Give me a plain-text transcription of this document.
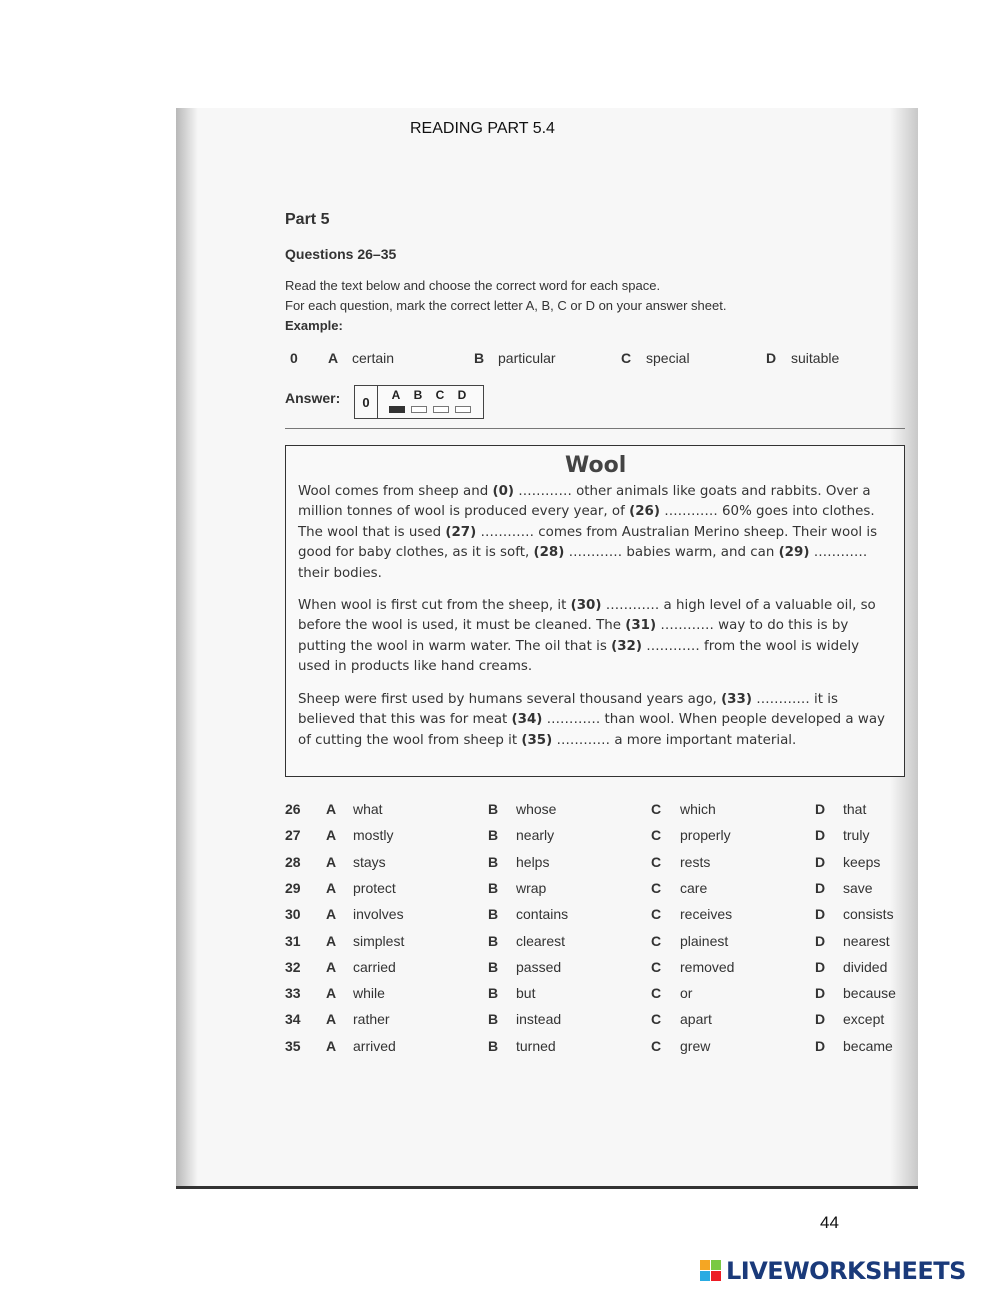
READING PART 5.4
Part 5
Questions 26–35
Read the text below and choose the correct word for each space.
For each question, mark the correct letter A, B, C or D on your answer sheet.
Example:
0 A certain	B particular	C special	D suitable
Answer:	0	A B C D
Wool

Wool comes from sheep and (0) ………… other animals like goats and rabbits. Over a million tonnes of wool is produced every year, of (26) ………… 60% goes into clothes. The wool that is used (27) ………… comes from Australian Merino sheep. Their wool is good for baby clothes, as it is soft, (28) ………… babies warm, and can (29) ………… their bodies.

When wool is first cut from the sheep, it (30) ………… a high level of a valuable oil, so before the wool is used, it must be cleaned. The (31) ………… way to do this is by putting the wool in warm water. The oil that is (32) ………… from the wool is widely used in products like hand creams.

Sheep were first used by humans several thousand years ago, (33) ………… it is believed that this was for meat (34) ………… than wool. When people developed a way of cutting the wool from sheep it (35) ………… a more important material.

26 A what	B whose	C which	D that
27 A mostly	B nearly	C properly	D truly
28 A stays	B helps	C rests	D keeps
29 A protect	B wrap	C care	D save
30 A involves	B contains	C receives	D consists
31 A simplest	B clearest	C plainest	D nearest
32 A carried	B passed	C removed	D divided
33 A while	B but	C or	D because
34 A rather	B instead	C apart	D except
35 A arrived	B turned	C grew	D became
44
LIVEWORKSHEETS
